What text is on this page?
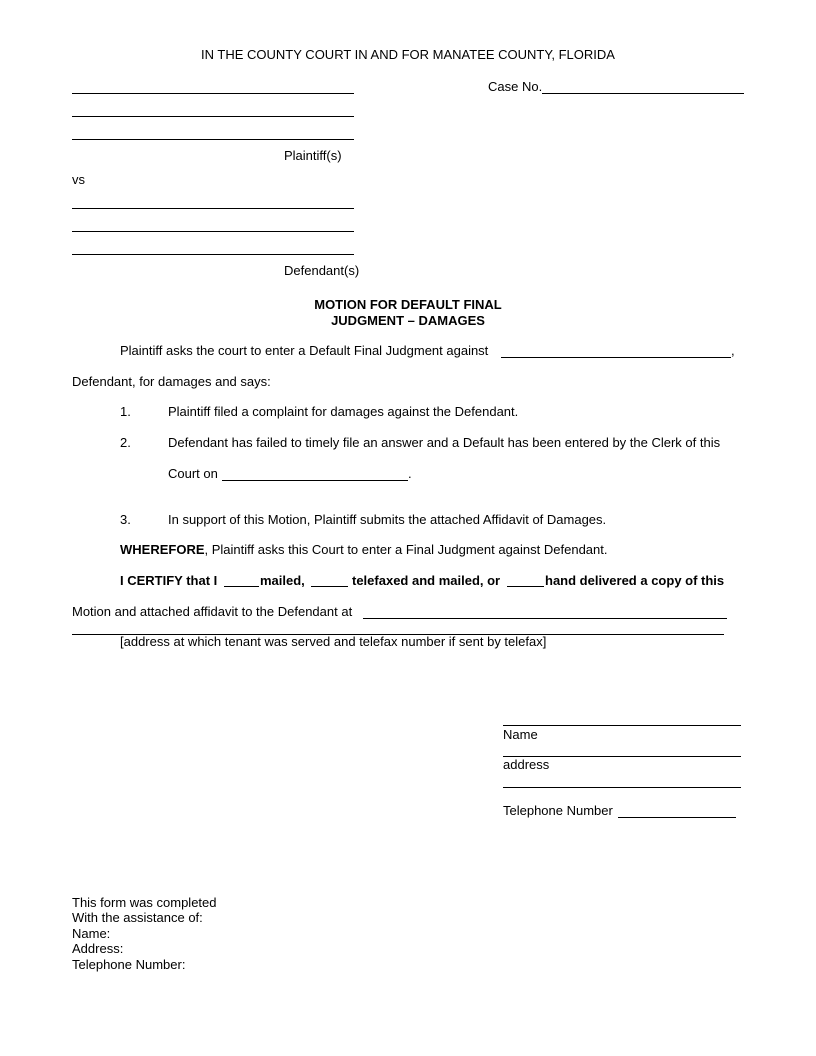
IN THE COUNTY COURT IN AND FOR MANATEE COUNTY, FLORIDA
Case No.
Plaintiff(s)
vs
Defendant(s)
MOTION FOR DEFAULT FINAL
JUDGMENT – DAMAGES
Plaintiff asks the court to enter a Default Final Judgment against	,
Defendant, for damages and says:
1.	Plaintiff filed a complaint for damages against the Defendant.
2.	Defendant has failed to timely file an answer and a Default has been entered by the Clerk of this
Court on	.
3.	In support of this Motion, Plaintiff submits the attached Affidavit of Damages.
WHEREFORE, Plaintiff asks this Court to enter a Final Judgment against Defendant.
I CERTIFY that I	mailed,	telefaxed and mailed, or	hand delivered a copy of this
Motion and attached affidavit to the Defendant at
[address at which tenant was served and telefax number if sent by telefax]
Name
address
Telephone Number
This form was completed
With the assistance of:
Name:
Address:
Telephone Number:
